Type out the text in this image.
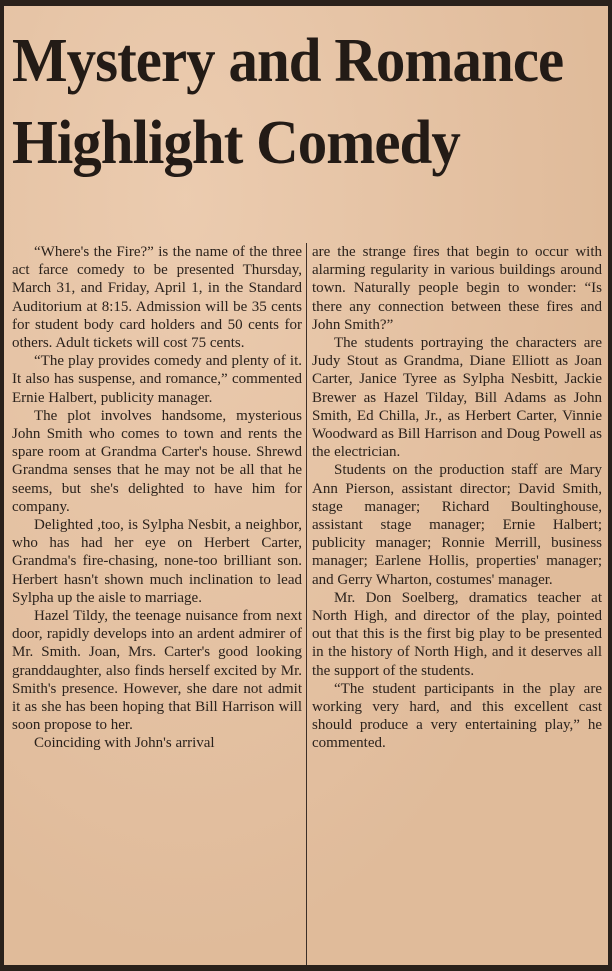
Mystery and Romance Highlight Comedy

“Where's the Fire?” is the name of the three act farce comedy to be presented Thursday, March 31, and Friday, April 1, in the Standard Auditorium at 8:15. Admission will be 35 cents for student body card holders and 50 cents for others. Adult tickets will cost 75 cents.

“The play provides comedy and plenty of it. It also has suspense, and romance,” commented Ernie Halbert, publicity manager.

The plot involves handsome, mysterious John Smith who comes to town and rents the spare room at Grandma Carter's house. Shrewd Grandma senses that he may not be all that he seems, but she's delighted to have him for company.

Delighted ,too, is Sylpha Nesbit, a neighbor, who has had her eye on Herbert Carter, Grandma's fire-chasing, none-too brilliant son. Herbert hasn't shown much inclination to lead Sylpha up the aisle to marriage.

Hazel Tildy, the teenage nuisance from next door, rapidly develops into an ardent admirer of Mr. Smith. Joan, Mrs. Carter's good looking granddaughter, also finds herself excited by Mr. Smith's presence. However, she dare not admit it as she has been hoping that Bill Harrison will soon propose to her.

Coinciding with John's arrival

are the strange fires that begin to occur with alarming regularity in various buildings around town. Naturally people begin to wonder: “Is there any connection between these fires and John Smith?”

The students portraying the characters are Judy Stout as Grandma, Diane Elliott as Joan Carter, Janice Tyree as Sylpha Nesbitt, Jackie Brewer as Hazel Tilday, Bill Adams as John Smith, Ed Chilla, Jr., as Herbert Carter, Vinnie Woodward as Bill Harrison and Doug Powell as the electrician.

Students on the production staff are Mary Ann Pierson, assistant director; David Smith, stage manager; Richard Boultinghouse, assistant stage manager; Ernie Halbert; publicity manager; Ronnie Merrill, business manager; Earlene Hollis, properties' manager; and Gerry Wharton, costumes' manager.

Mr. Don Soelberg, dramatics teacher at North High, and director of the play, pointed out that this is the first big play to be presented in the history of North High, and it deserves all the support of the students.

“The student participants in the play are working very hard, and this excellent cast should produce a very entertaining play,” he commented.
